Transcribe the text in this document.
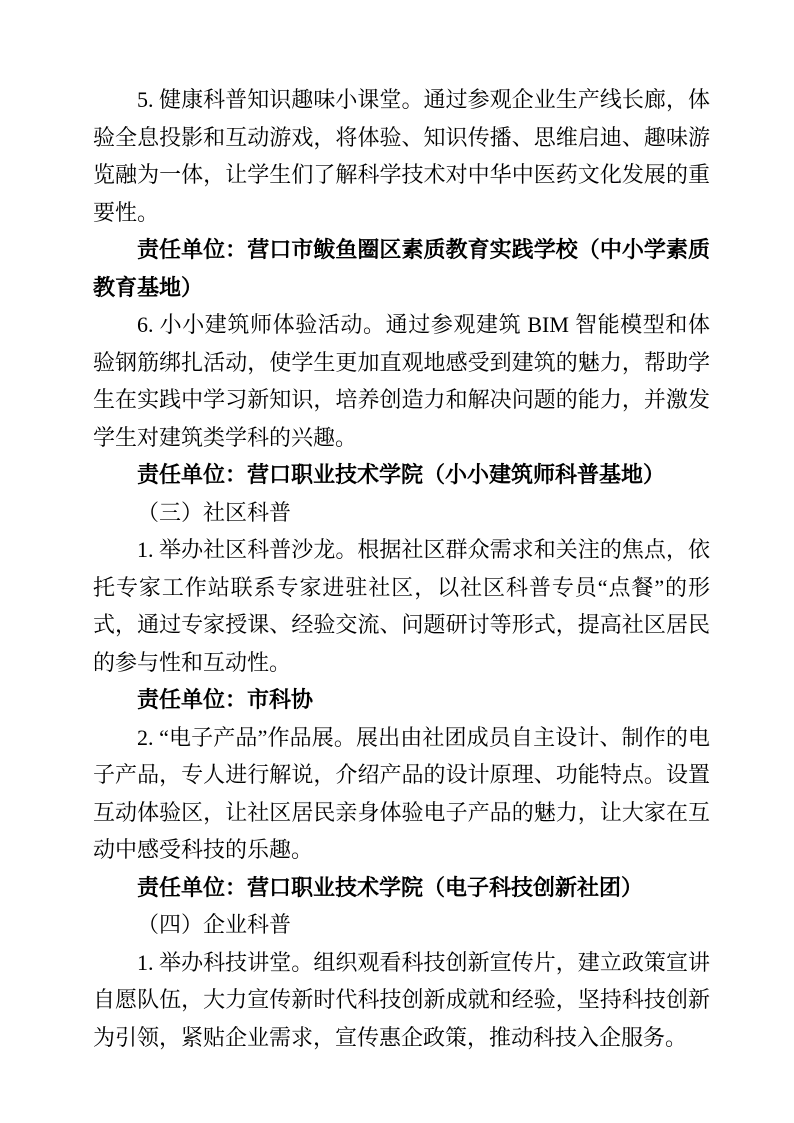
5. 健康科普知识趣味小课堂。通过参观企业生产线长廊，体验全息投影和互动游戏，将体验、知识传播、思维启迪、趣味游览融为一体，让学生们了解科学技术对中华中医药文化发展的重要性。

责任单位：营口市鲅鱼圈区素质教育实践学校（中小学素质教育基地）

6. 小小建筑师体验活动。通过参观建筑 BIM 智能模型和体验钢筋绑扎活动，使学生更加直观地感受到建筑的魅力，帮助学生在实践中学习新知识，培养创造力和解决问题的能力，并激发学生对建筑类学科的兴趣。

责任单位：营口职业技术学院（小小建筑师科普基地）

（三）社区科普

1. 举办社区科普沙龙。根据社区群众需求和关注的焦点，依托专家工作站联系专家进驻社区，以社区科普专员“点餐”的形式，通过专家授课、经验交流、问题研讨等形式，提高社区居民的参与性和互动性。

责任单位：市科协

2. “电子产品”作品展。展出由社团成员自主设计、制作的电子产品，专人进行解说，介绍产品的设计原理、功能特点。设置互动体验区，让社区居民亲身体验电子产品的魅力，让大家在互动中感受科技的乐趣。

责任单位：营口职业技术学院（电子科技创新社团）

（四）企业科普

1. 举办科技讲堂。组织观看科技创新宣传片，建立政策宣讲自愿队伍，大力宣传新时代科技创新成就和经验，坚持科技创新为引领，紧贴企业需求，宣传惠企政策，推动科技入企服务。
